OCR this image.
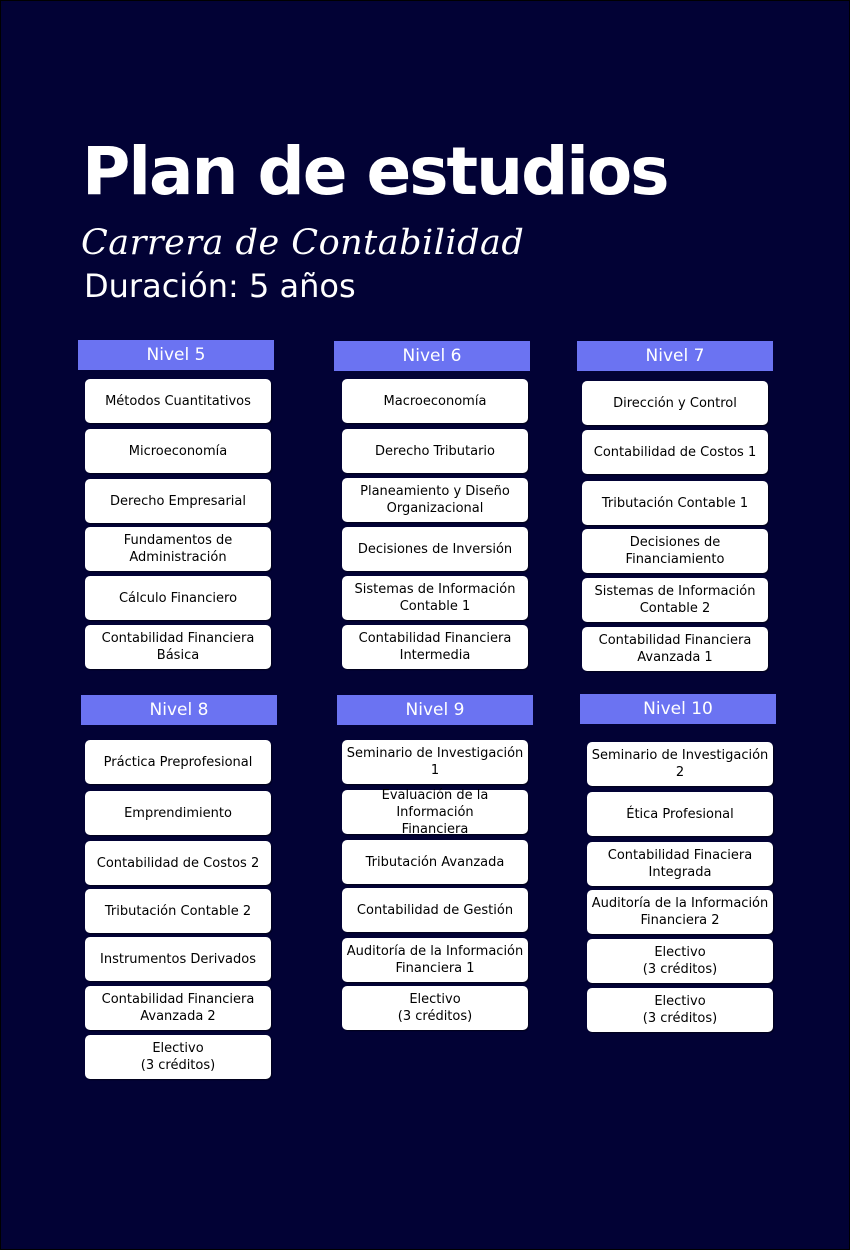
Plan de estudios
Carrera de Contabilidad
Duración: 5 años
Nivel 5
Métodos Cuantitativos
Microeconomía
Derecho Empresarial
Fundamentos de
Administración
Cálculo Financiero
Contabilidad Financiera
Básica
Nivel 6
Macroeconomía
Derecho Tributario
Planeamiento y Diseño
Organizacional
Decisiones de Inversión
Sistemas de Información
Contable 1
Contabilidad Financiera
Intermedia
Nivel 7
Dirección y Control
Contabilidad de Costos 1
Tributación Contable 1
Decisiones de
Financiamiento
Sistemas de Información
Contable 2
Contabilidad Financiera
Avanzada 1
Nivel 8
Práctica Preprofesional
Emprendimiento
Contabilidad de Costos 2
Tributación Contable 2
Instrumentos Derivados
Contabilidad Financiera
Avanzada 2
Electivo
(3 créditos)
Nivel 9
Seminario de Investigación 1
Evaluación de la Información
Financiera
Tributación Avanzada
Contabilidad de Gestión
Auditoría de la Información
Financiera 1
Electivo
(3 créditos)
Nivel 10
Seminario de Investigación 2
Ética Profesional
Contabilidad Finaciera
Integrada
Auditoría de la Información
Financiera 2
Electivo
(3 créditos)
Electivo
(3 créditos)
